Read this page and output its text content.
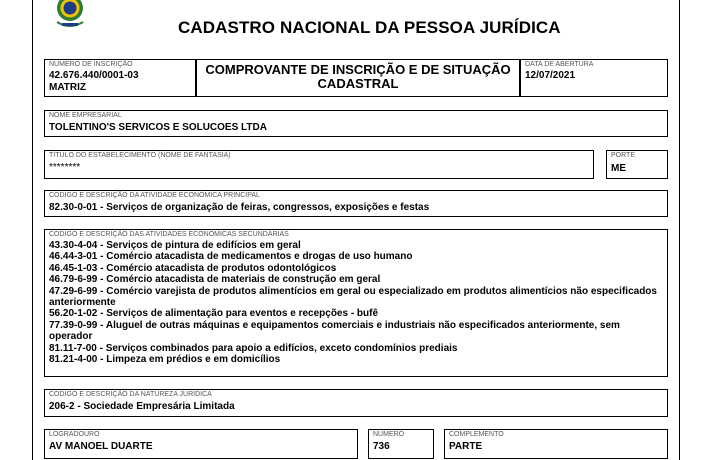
CADASTRO NACIONAL DA PESSOA JURÍDICA
NÚMERO DE INSCRIÇÃO
42.676.440/0001-03
MATRIZ
COMPROVANTE DE INSCRIÇÃO E DE SITUAÇÃO
CADASTRAL
DATA DE ABERTURA
12/07/2021
NOME EMPRESARIAL
TOLENTINO'S SERVICOS E SOLUCOES LTDA
TÍTULO DO ESTABELECIMENTO (NOME DE FANTASIA)
********
PORTE
ME
CÓDIGO E DESCRIÇÃO DA ATIVIDADE ECONÔMICA PRINCIPAL
82.30-0-01 - Serviços de organização de feiras, congressos, exposições e festas
CÓDIGO E DESCRIÇÃO DAS ATIVIDADES ECONÔMICAS SECUNDÁRIAS
43.30-4-04 - Serviços de pintura de edifícios em geral
46.44-3-01 - Comércio atacadista de medicamentos e drogas de uso humano
46.45-1-03 - Comércio atacadista de produtos odontológicos
46.79-6-99 - Comércio atacadista de materiais de construção em geral
47.29-6-99 - Comércio varejista de produtos alimentícios em geral ou especializado em produtos alimentícios não especificados anteriormente
56.20-1-02 - Serviços de alimentação para eventos e recepções - bufê
77.39-0-99 - Aluguel de outras máquinas e equipamentos comerciais e industriais não especificados anteriormente, sem operador
81.11-7-00 - Serviços combinados para apoio a edifícios, exceto condomínios prediais
81.21-4-00 - Limpeza em prédios e em domicílios
CÓDIGO E DESCRIÇÃO DA NATUREZA JURÍDICA
206-2 - Sociedade Empresária Limitada
LOGRADOURO
AV MANOEL DUARTE
NÚMERO
736
COMPLEMENTO
PARTE
